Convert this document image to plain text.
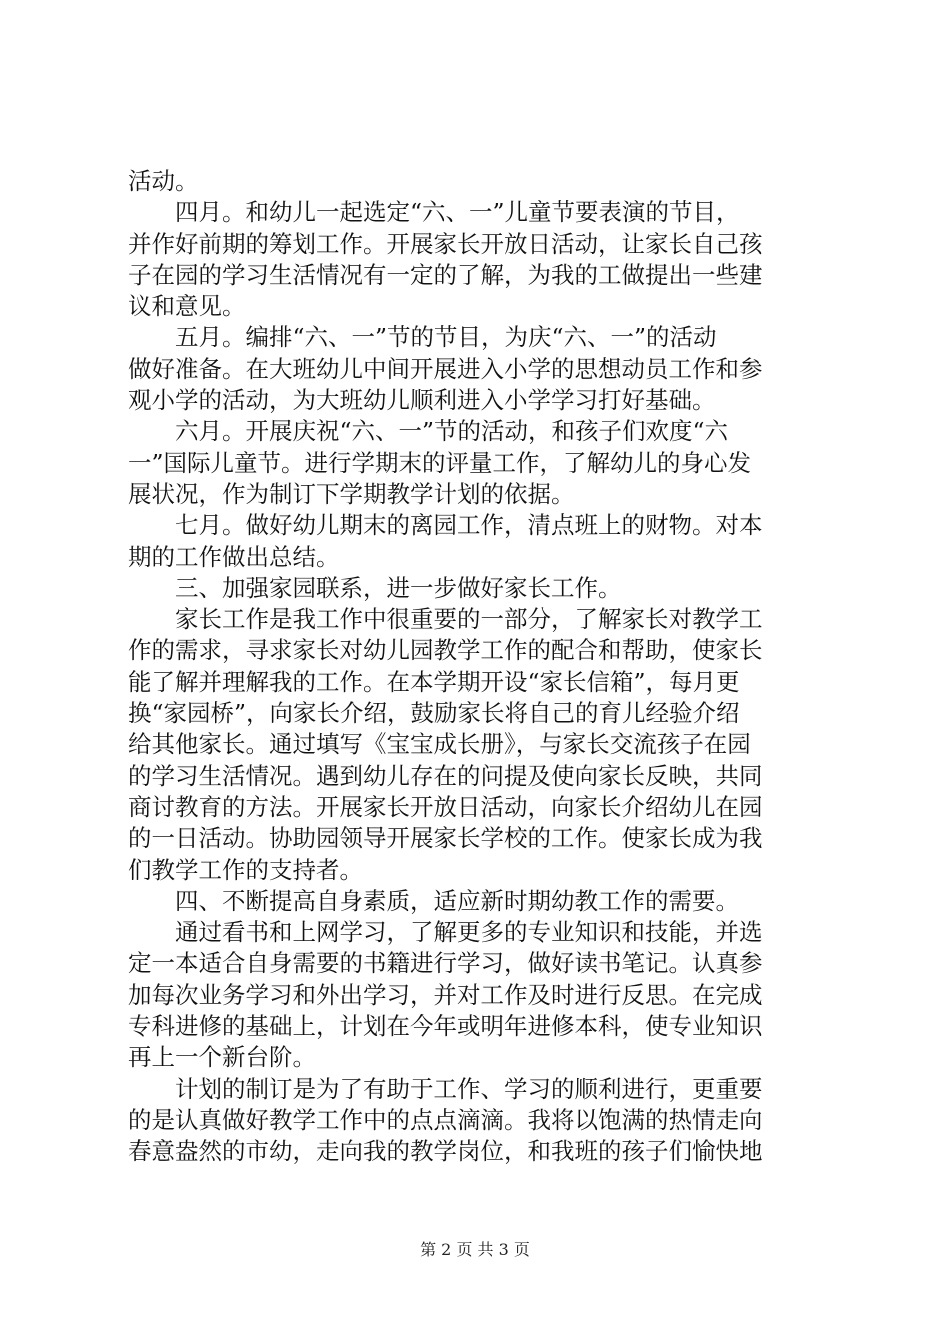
活动。
　　四月。和幼儿一起选定“六、一”儿童节要表演的节目，
并作好前期的筹划工作。开展家长开放日活动，让家长自己孩
子在园的学习生活情况有一定的了解，为我的工做提出一些建
议和意见。
　　五月。编排“六、一”节的节目，为庆“六、一”的活动
做好准备。在大班幼儿中间开展进入小学的思想动员工作和参
观小学的活动，为大班幼儿顺利进入小学学习打好基础。
　　六月。开展庆祝“六、一”节的活动，和孩子们欢度“六
一”国际儿童节。进行学期末的评量工作，了解幼儿的身心发
展状况，作为制订下学期教学计划的依据。
　　七月。做好幼儿期末的离园工作，清点班上的财物。对本
期的工作做出总结。
　　三、加强家园联系，进一步做好家长工作。
　　家长工作是我工作中很重要的一部分，了解家长对教学工
作的需求，寻求家长对幼儿园教学工作的配合和帮助，使家长
能了解并理解我的工作。在本学期开设“家长信箱”，每月更
换“家园桥”，向家长介绍，鼓励家长将自己的育儿经验介绍
给其他家长。通过填写《宝宝成长册》，与家长交流孩子在园
的学习生活情况。遇到幼儿存在的问提及使向家长反映，共同
商讨教育的方法。开展家长开放日活动，向家长介绍幼儿在园
的一日活动。协助园领导开展家长学校的工作。使家长成为我
们教学工作的支持者。
　　四、不断提高自身素质，适应新时期幼教工作的需要。
　　通过看书和上网学习，了解更多的专业知识和技能，并选
定一本适合自身需要的书籍进行学习，做好读书笔记。认真参
加每次业务学习和外出学习，并对工作及时进行反思。在完成
专科进修的基础上，计划在今年或明年进修本科，使专业知识
再上一个新台阶。
　　计划的制订是为了有助于工作、学习的顺利进行，更重要
的是认真做好教学工作中的点点滴滴。我将以饱满的热情走向
春意盎然的市幼，走向我的教学岗位，和我班的孩子们愉快地
第 2 页 共 3 页
